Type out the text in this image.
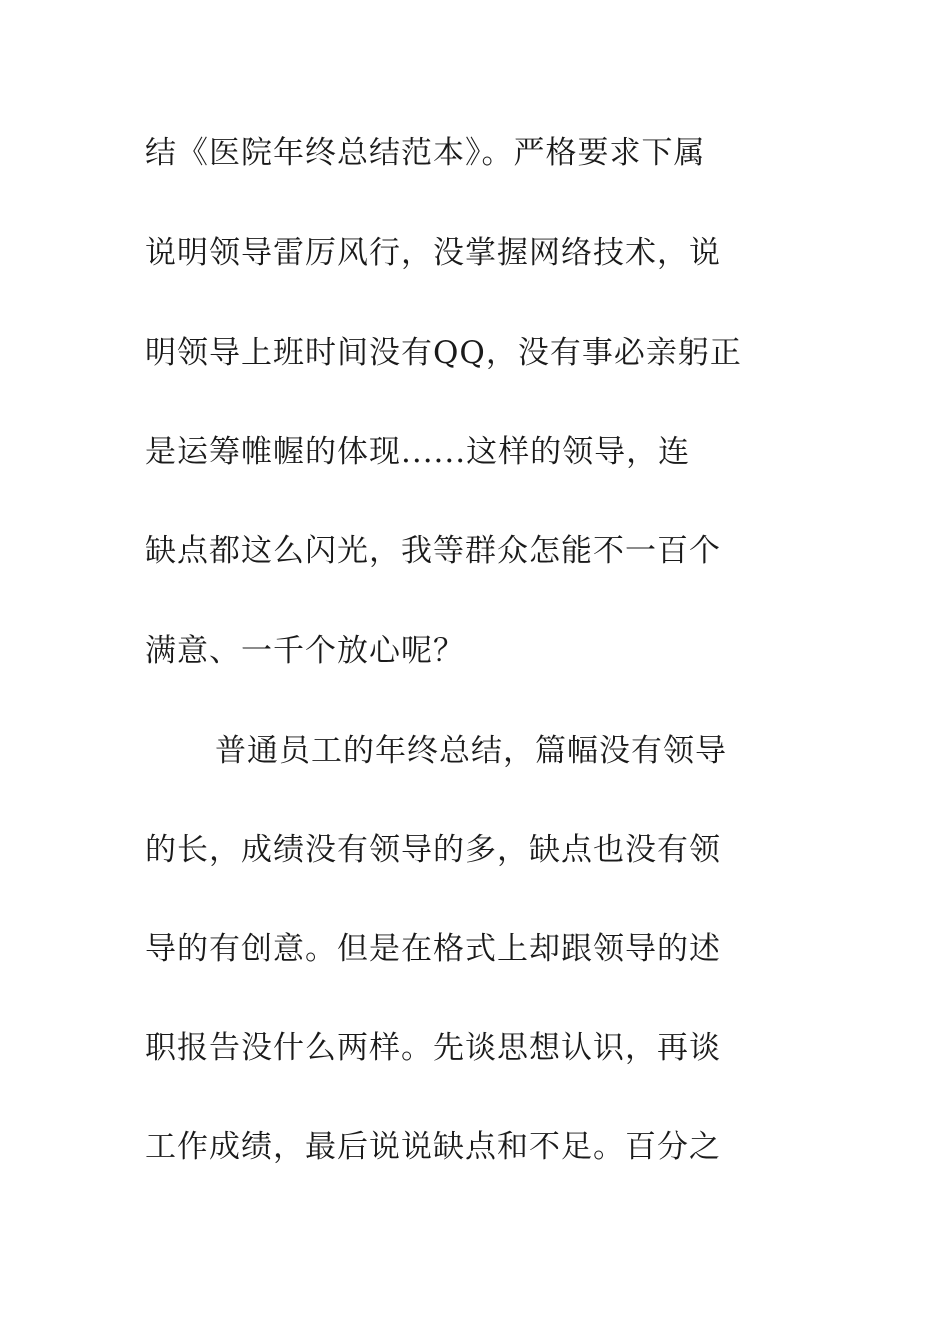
结《医院年终总结范本》。严格要求下属
说明领导雷厉风行，没掌握网络技术，说
明领导上班时间没有QQ，没有事必亲躬正
是运筹帷幄的体现......这样的领导，连
缺点都这么闪光，我等群众怎能不一百个
满意、一千个放心呢？
普通员工的年终总结，篇幅没有领导
的长，成绩没有领导的多，缺点也没有领
导的有创意。但是在格式上却跟领导的述
职报告没什么两样。先谈思想认识，再谈
工作成绩，最后说说缺点和不足。百分之
